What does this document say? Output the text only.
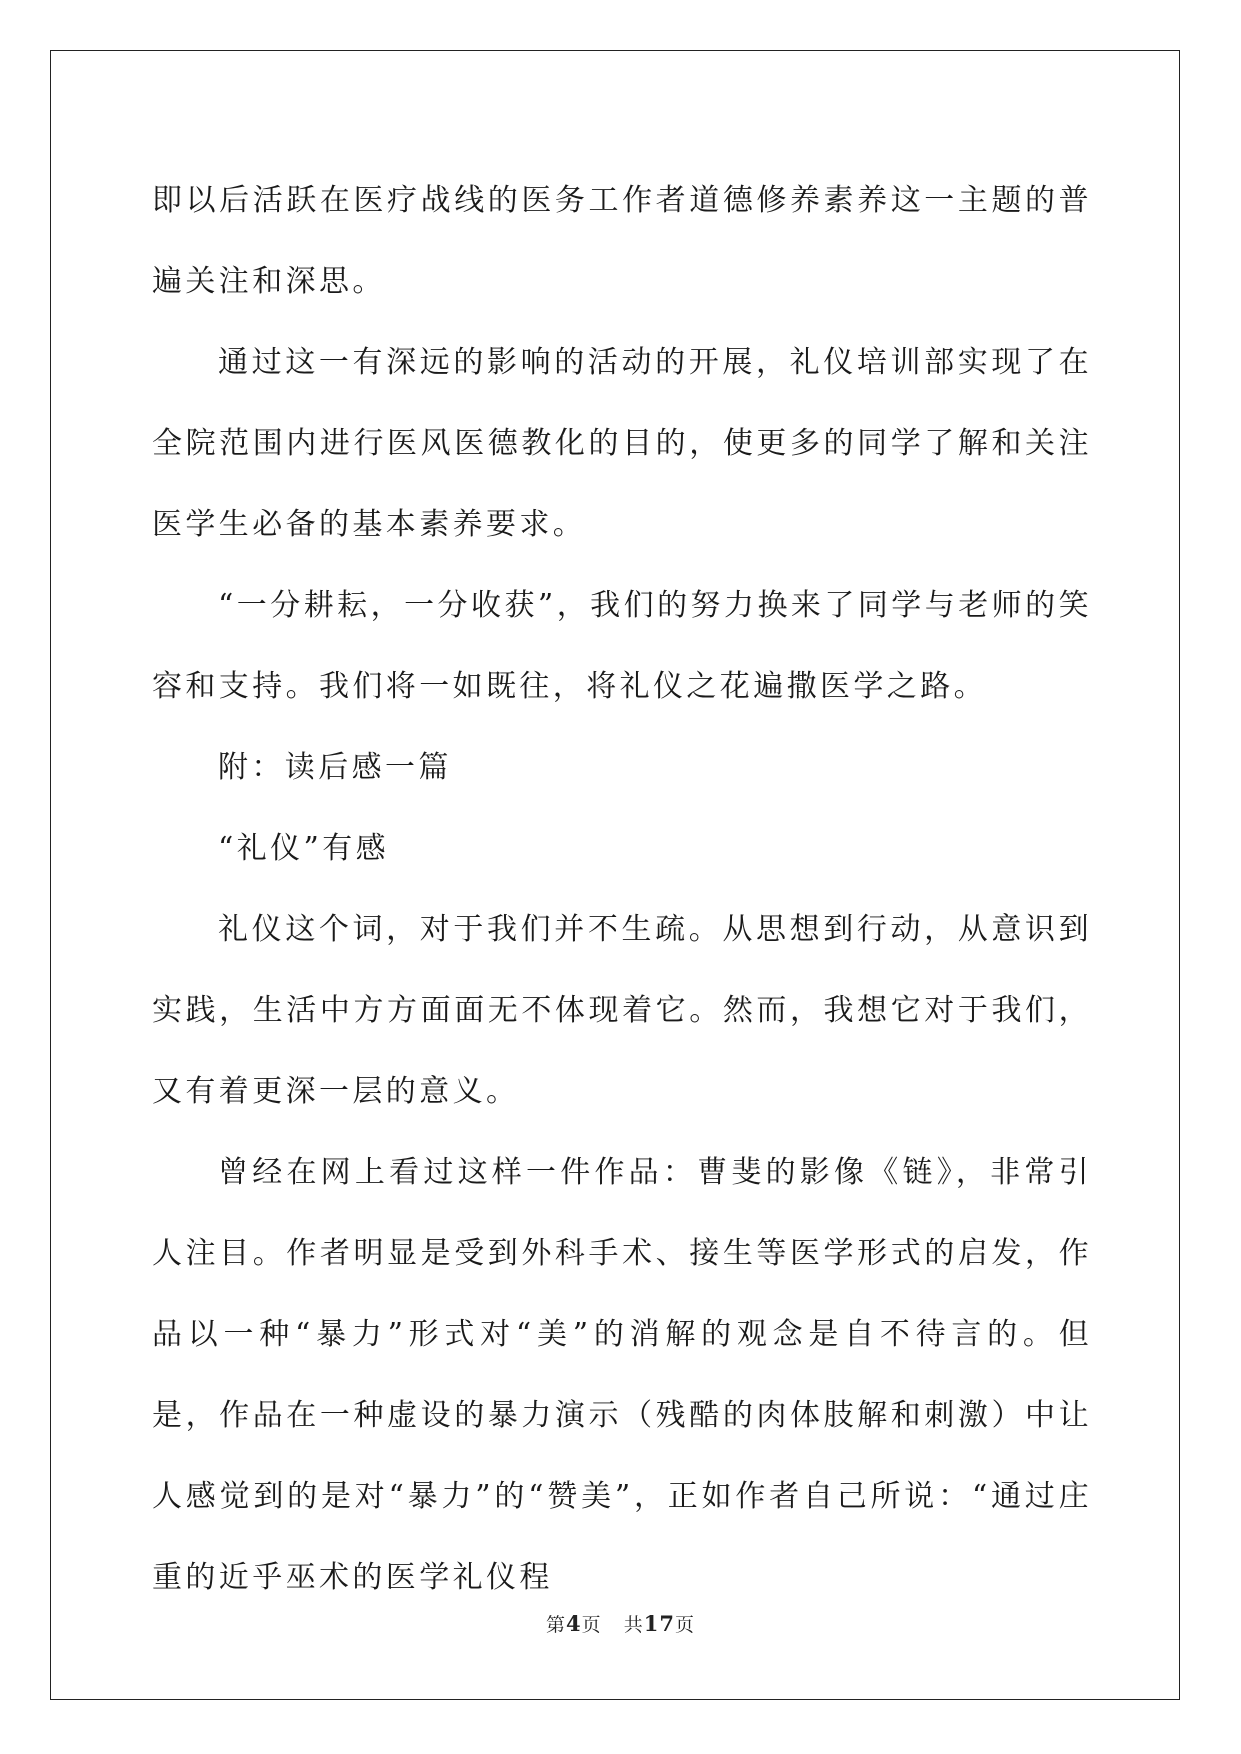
即以后活跃在医疗战线的医务工作者道德修养素养这一主题的普遍关注和深思。

通过这一有深远的影响的活动的开展，礼仪培训部实现了在全院范围内进行医风医德教化的目的，使更多的同学了解和关注医学生必备的基本素养要求。

“一分耕耘，一分收获”，我们的努力换来了同学与老师的笑容和支持。我们将一如既往，将礼仪之花遍撒医学之路。

附：读后感一篇

“礼仪”有感

礼仪这个词，对于我们并不生疏。从思想到行动，从意识到实践，生活中方方面面无不体现着它。然而，我想它对于我们，又有着更深一层的意义。

曾经在网上看过这样一件作品：曹斐的影像《链》，非常引人注目。作者明显是受到外科手术、接生等医学形式的启发，作品以一种“暴力”形式对“美”的消解的观念是自不待言的。但是，作品在一种虚设的暴力演示（残酷的肉体肢解和刺激）中让人感觉到的是对“暴力”的“赞美”，正如作者自己所说：“通过庄重的近乎巫术的医学礼仪程

第4页 共17页
